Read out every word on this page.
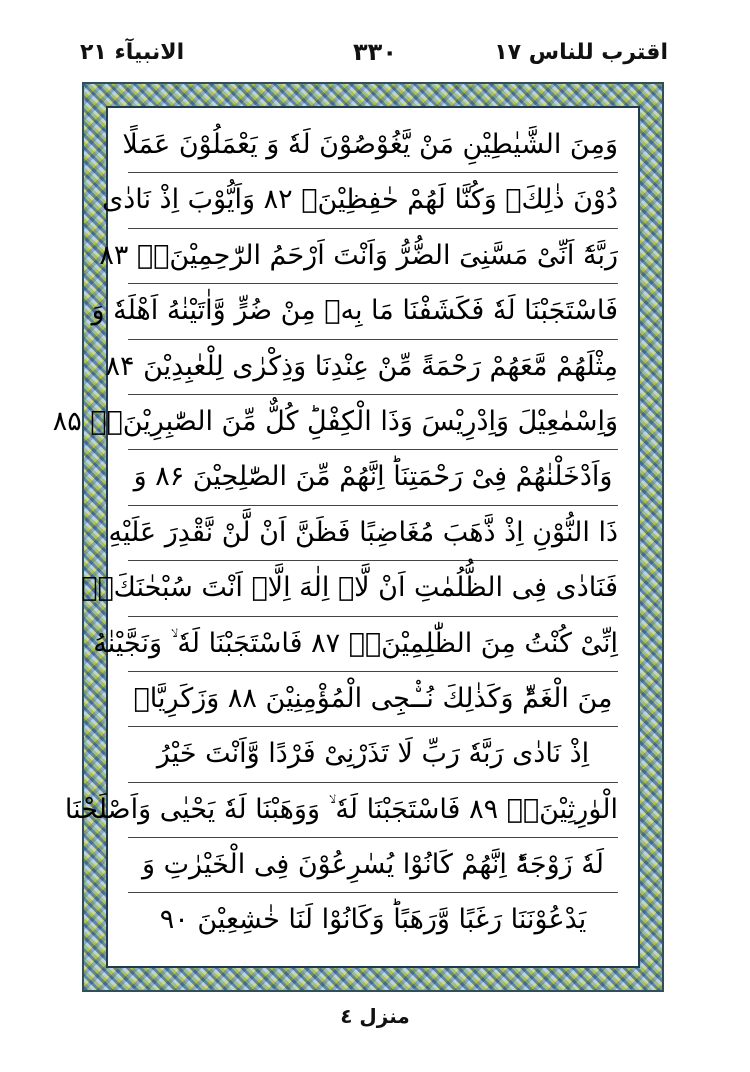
اقترب للناس ١٧
٣٣٠
الانبيآء ٢١
وَمِنَ الشَّيٰطِيْنِ مَنْ يَّغُوْصُوْنَ لَهٗ وَ يَعْمَلُوْنَ عَمَلًا
دُوْنَ ذٰلِكَۚ وَكُنَّا لَهُمْ حٰفِظِيْنَۙ ۸۲ وَاَيُّوْبَ اِذْ نَادٰى
رَبَّهٗٓ اَنِّىْ مَسَّنِىَ الضُّرُّ وَاَنْتَ اَرْحَمُ الرّٰحِمِيْنَۚۖ ۸۳
فَاسْتَجَبْنَا لَهٗ فَكَشَفْنَا مَا بِهٖ مِنْ ضُرٍّ وَّاٰتَيْنٰهُ اَهْلَهٗ وَ
مِثْلَهُمْ مَّعَهُمْ رَحْمَةً مِّنْ عِنْدِنَا وَذِكْرٰى لِلْعٰبِدِيْنَ ۸۴
وَاِسْمٰعِيْلَ وَاِدْرِيْسَ وَذَا الْكِفْلِؕ كُلٌّ مِّنَ الصّٰبِرِيْنَۚۖ ۸۵
وَاَدْخَلْنٰهُمْ فِىْ رَحْمَتِنَاؕ اِنَّهُمْ مِّنَ الصّٰلِحِيْنَ ۸۶ وَ
ذَا النُّوْنِ اِذْ ذَّهَبَ مُغَاضِبًا فَظَنَّ اَنْ لَّنْ نَّقْدِرَ عَلَيْهِ
فَنَادٰى فِى الظُّلُمٰتِ اَنْ لَّاۤ اِلٰهَ اِلَّاۤ اَنْتَ سُبْحٰنَكَۖۗ
اِنِّىْ كُنْتُ مِنَ الظّٰلِمِيْنَۚۖ ۸۷ فَاسْتَجَبْنَا لَهٗ ۙ وَنَجَّيْنٰهُ
مِنَ الْغَمِّؕ وَكَذٰلِكَ نُـْۨجِى الْمُؤْمِنِيْنَ ۸۸ وَزَكَرِيَّاۤ
اِذْ نَادٰى رَبَّهٗ رَبِّ لَا تَذَرْنِىْ فَرْدًا وَّاَنْتَ خَيْرُ
الْوٰرِثِيْنَۚۖ ۸۹ فَاسْتَجَبْنَا لَهٗ ۙ وَوَهَبْنَا لَهٗ يَحْيٰى وَاَصْلَحْنَا
لَهٗ زَوْجَهٗؕ اِنَّهُمْ كَانُوْا يُسٰرِعُوْنَ فِى الْخَيْرٰتِ وَ
يَدْعُوْنَنَا رَغَبًا وَّرَهَبًاؕ وَكَانُوْا لَنَا خٰشِعِيْنَ ۹۰
منزل ٤
